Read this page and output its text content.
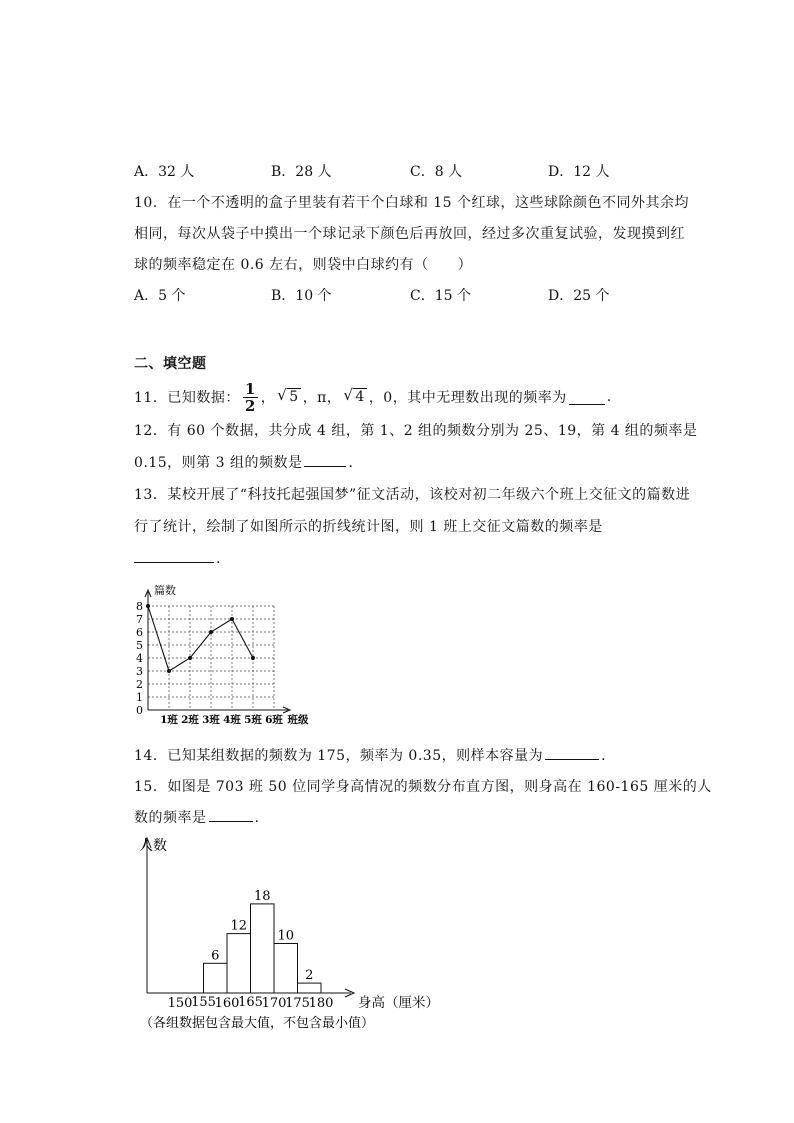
A．32 人	B．28 人	C．8 人	D．12 人
10．在一个不透明的盒子里装有若干个白球和 15 个红球，这些球除颜色不同外其余均
相同，每次从袋子中摸出一个球记录下颜色后再放回，经过多次重复试验，发现摸到红
球的频率稳定在 0.6 左右，则袋中白球约有（　　）
A．5 个	B．10 个	C．15 个	D．25 个
二、填空题
11．已知数据： $\frac{1}{2}$ ，	√ 5 ，π，	√ 4 ，0，其中无理数出现的频率为	.
12．有 60 个数据，共分成 4 组，第 1、2 组的频数分别为 25、19，第 4 组的频率是
0.15，则第 3 组的频数是	.
13．某校开展了“科技托起强国梦”征文活动，该校对初二年级六个班上交征文的篇数进
行了统计，绘制了如图所示的折线统计图，则 1 班上交征文篇数的频率是
.
0
1
2
3
4
5
6
7
8
篇数
1班 2班 3班 4班 5班 6班 班级
14．已知某组数据的频数为 175，频率为 0.35，则样本容量为	.
15．如图是 703 班 50 位同学身高情况的频数分布直方图，则身高在 160-165 厘米的人
数的频率是	.
人数
6
12
18
10
2
150
155
160
165
170
175
180 身高（厘米）
（各组数据包含最大值，不包含最小值）
